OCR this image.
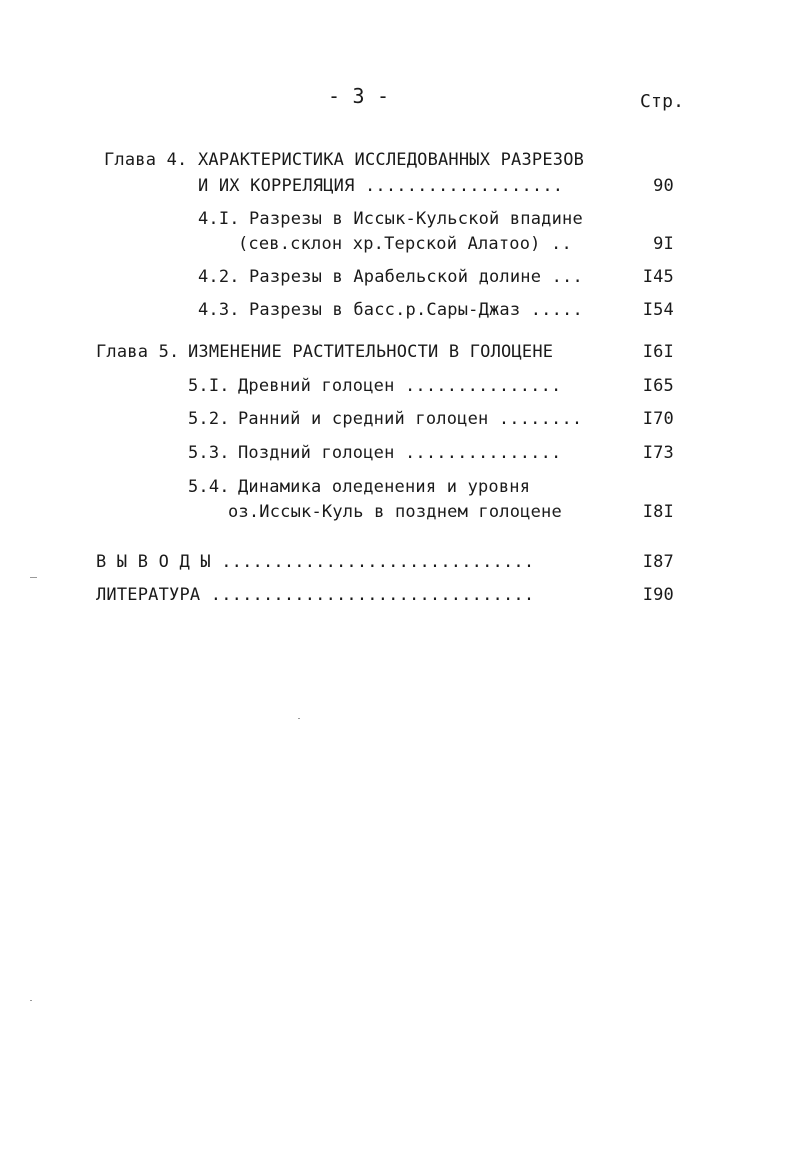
- 3 -	Стр.
Глава 4. ХАРАКТЕРИСТИКА ИССЛЕДОВАННЫХ РАЗРЕЗОВ
И ИХ КОРРЕЛЯЦИЯ ...................	90
4.I. Разрезы в Иссык-Кульской впадине
(сев.склон хр.Терской Алатоо) ..	9I
4.2. Разрезы в Арабельской долине ...	I45
4.3. Разрезы в басс.р.Сары-Джаз .....	I54
Глава 5. ИЗМЕНЕНИЕ РАСТИТЕЛЬНОСТИ В ГОЛОЦЕНЕ	I6I
5.I. Древний голоцен ...............	I65
5.2. Ранний и средний голоцен ........	I70
5.3. Поздний голоцен ...............	I73
5.4. Динамика оледенения и уровня
оз.Иссык-Куль в позднем голоцене	I8I
В Ы В О Д Ы ..............................	I87
ЛИТЕРАТУРА ...............................	I90
